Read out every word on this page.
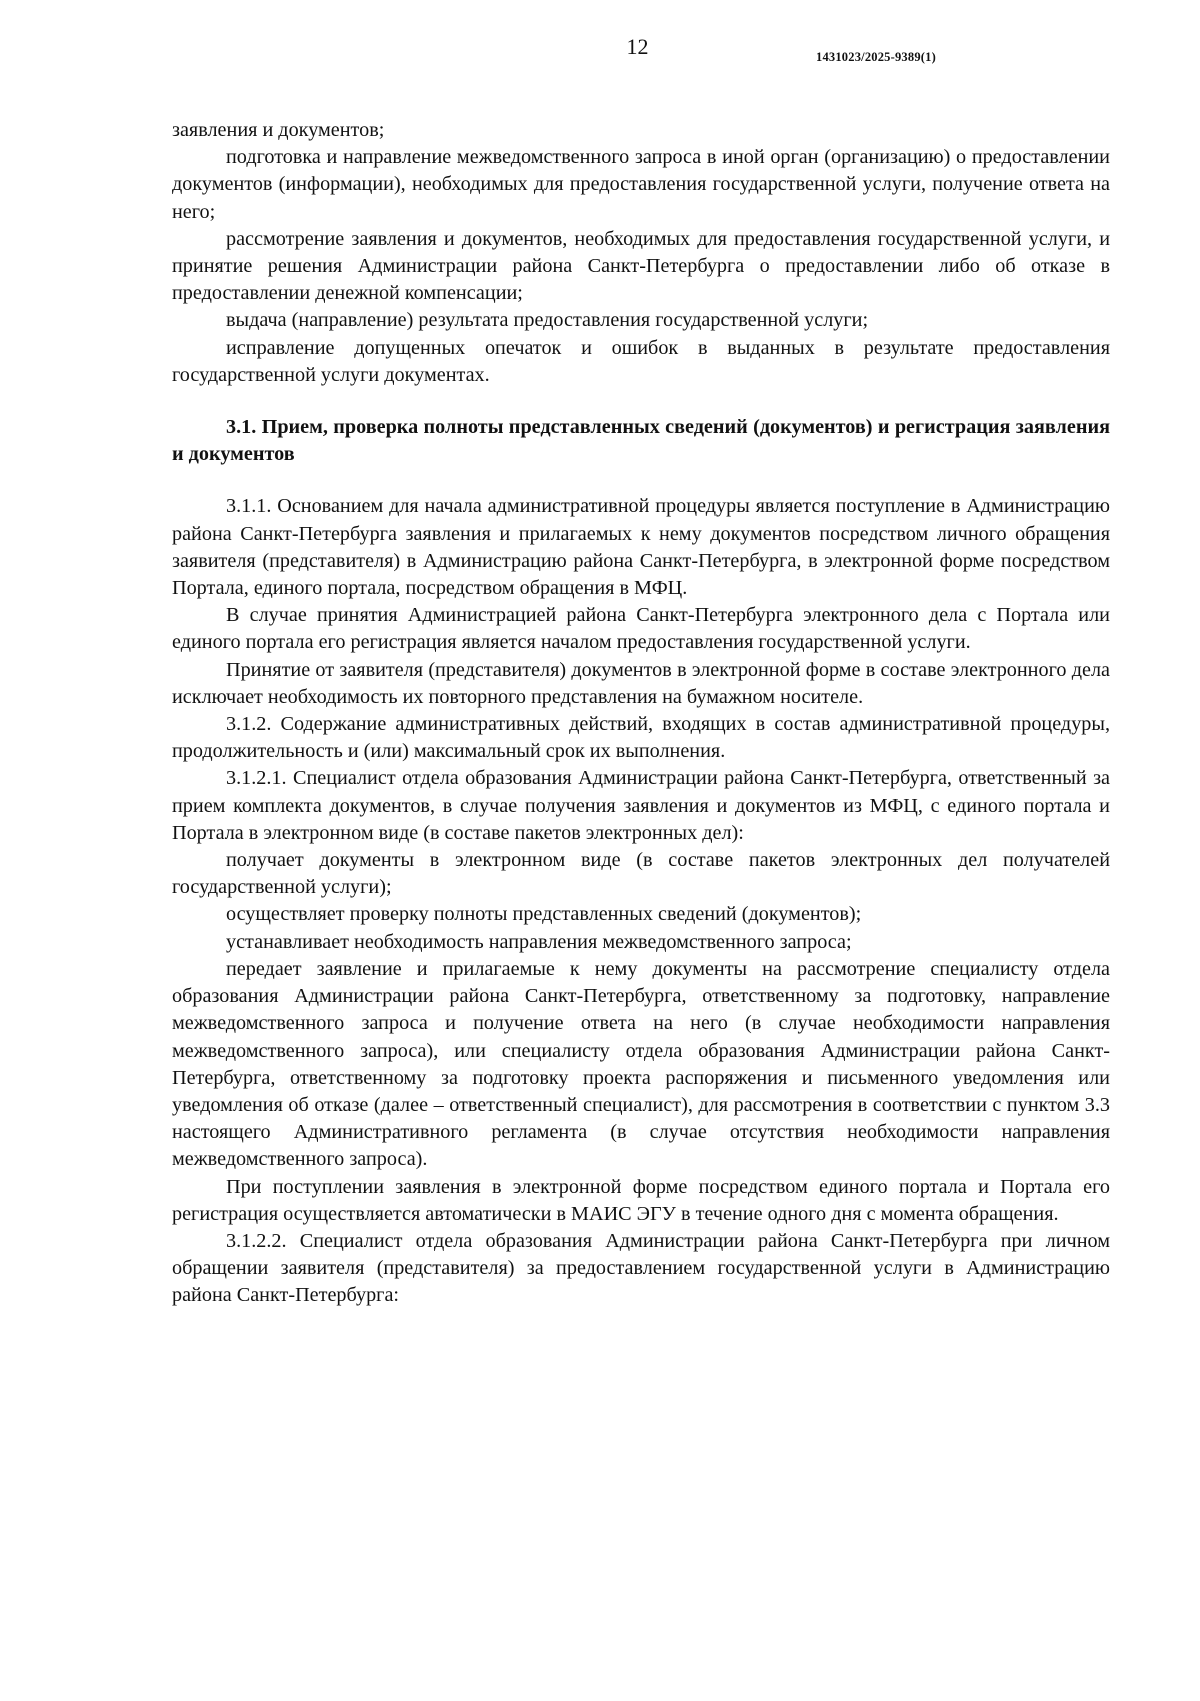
12	1431023/2025-9389(1)

заявления и документов;

подготовка и направление межведомственного запроса в иной орган (организацию) о предоставлении документов (информации), необходимых для предоставления государственной услуги, получение ответа на него;

рассмотрение заявления и документов, необходимых для предоставления государственной услуги, и принятие решения Администрации района Санкт-Петербурга о предоставлении либо об отказе в предоставлении денежной компенсации;

выдача (направление) результата предоставления государственной услуги;

исправление допущенных опечаток и ошибок в выданных в результате предоставления государственной услуги документах.

3.1. Прием, проверка полноты представленных сведений (документов) и регистрация заявления и документов

3.1.1. Основанием для начала административной процедуры является поступление в Администрацию района Санкт-Петербурга заявления и прилагаемых к нему документов посредством личного обращения заявителя (представителя) в Администрацию района Санкт-Петербурга, в электронной форме посредством Портала, единого портала, посредством обращения в МФЦ.

В случае принятия Администрацией района Санкт-Петербурга электронного дела с Портала или единого портала его регистрация является началом предоставления государственной услуги.

Принятие от заявителя (представителя) документов в электронной форме в составе электронного дела исключает необходимость их повторного представления на бумажном носителе.

3.1.2. Содержание административных действий, входящих в состав административной процедуры, продолжительность и (или) максимальный срок их выполнения.

3.1.2.1. Специалист отдела образования Администрации района Санкт-Петербурга, ответственный за прием комплекта документов, в случае получения заявления и документов из МФЦ, с единого портала и Портала в электронном виде (в составе пакетов электронных дел):

получает документы в электронном виде (в составе пакетов электронных дел получателей государственной услуги);

осуществляет проверку полноты представленных сведений (документов);

устанавливает необходимость направления межведомственного запроса;

передает заявление и прилагаемые к нему документы на рассмотрение специалисту отдела образования Администрации района Санкт-Петербурга, ответственному за подготовку, направление межведомственного запроса и получение ответа на него (в случае необходимости направления межведомственного запроса), или специалисту отдела образования Администрации района Санкт-Петербурга, ответственному за подготовку проекта распоряжения и письменного уведомления или уведомления об отказе (далее – ответственный специалист), для рассмотрения в соответствии с пунктом 3.3 настоящего Административного регламента (в случае отсутствия необходимости направления межведомственного запроса).

При поступлении заявления в электронной форме посредством единого портала и Портала его регистрация осуществляется автоматически в МАИС ЭГУ в течение одного дня с момента обращения.

3.1.2.2. Специалист отдела образования Администрации района Санкт-Петербурга при личном обращении заявителя (представителя) за предоставлением государственной услуги в Администрацию района Санкт-Петербурга:
